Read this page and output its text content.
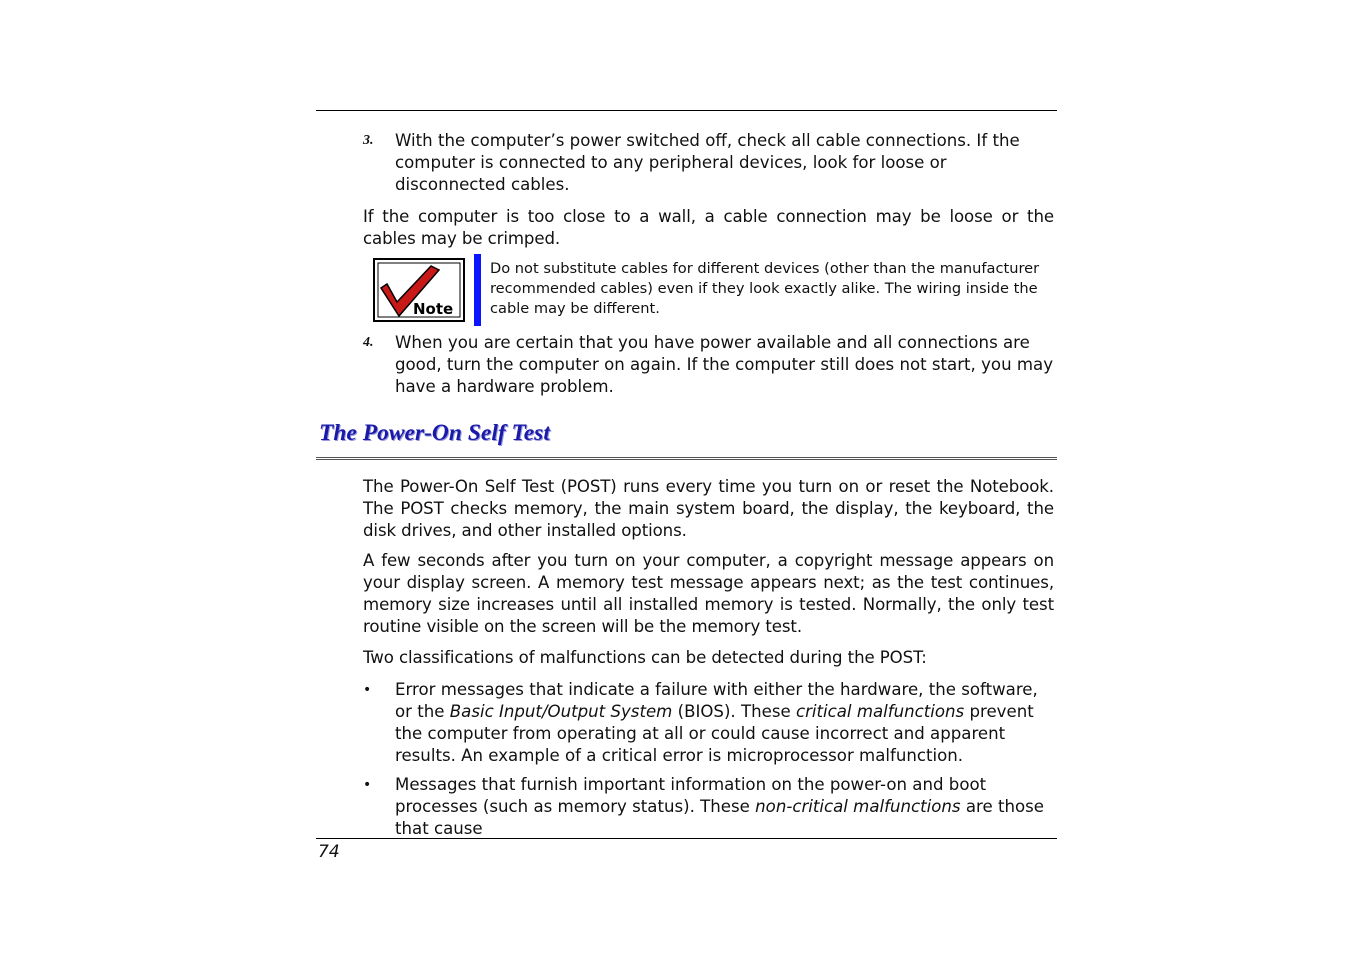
3. With the computer’s power switched off, check all cable connections. If the computer is connected to any peripheral devices, look for loose or disconnected cables.

If the computer is too close to a wall, a cable connection may be loose or the cables may be crimped.

Note

Do not substitute cables for different devices (other than the manufacturer recommended cables) even if they look exactly alike. The wiring inside the cable may be different.

4. When you are certain that you have power available and all connections are good, turn the computer on again. If the computer still does not start, you may have a hardware problem.
The Power-On Self Test

The Power-On Self Test (POST) runs every time you turn on or reset the Notebook. The POST checks memory, the main system board, the display, the keyboard, the disk drives, and other installed options.

A few seconds after you turn on your computer, a copyright message appears on your display screen. A memory test message appears next; as the test continues, memory size increases until all installed memory is tested. Normally, the only test routine visible on the screen will be the memory test.

Two classifications of malfunctions can be detected during the POST:

• Error messages that indicate a failure with either the hardware, the software, or the Basic Input/Output System (BIOS). These critical malfunctions prevent the computer from operating at all or could cause incorrect and apparent results. An example of a critical error is microprocessor malfunction.
• Messages that furnish important information on the power-on and boot processes (such as memory status). These non-critical malfunctions are those that cause

74
